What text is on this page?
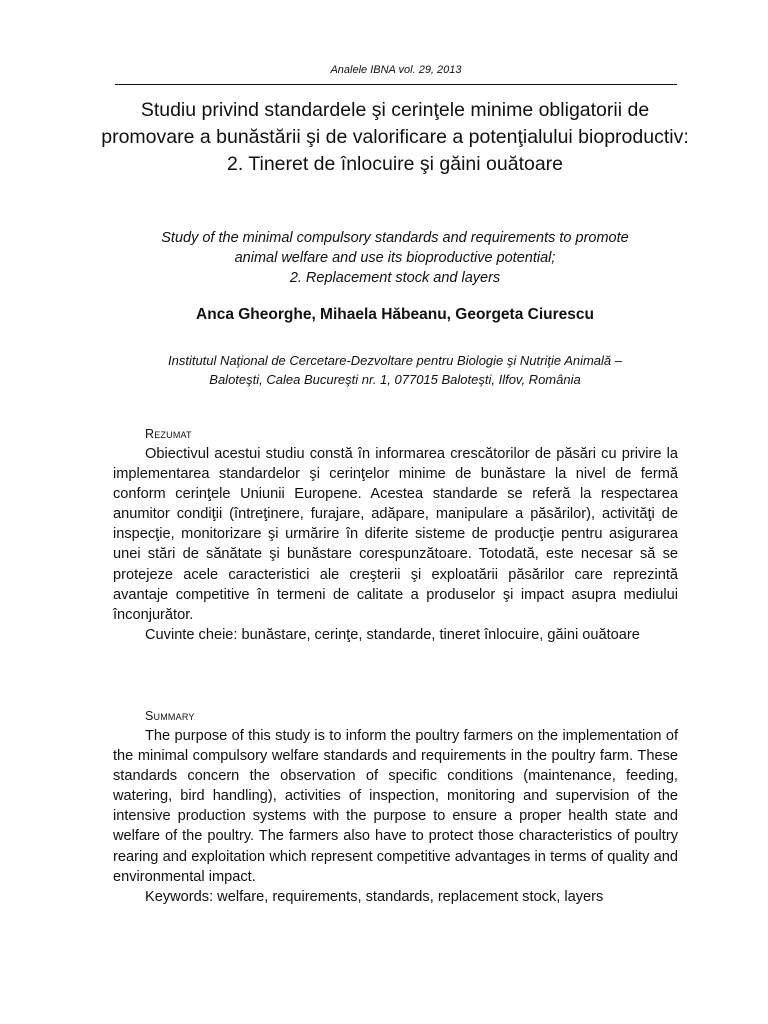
Analele IBNA vol. 29, 2013
Studiu privind standardele şi cerinţele minime obligatorii de promovare a bunăstării şi de valorificare a potenţialului bioproductiv: 2. Tineret de înlocuire şi găini ouătoare
Study of the minimal compulsory standards and requirements to promote
animal welfare and use its bioproductive potential;
2. Replacement stock and layers
Anca Gheorghe, Mihaela Hăbeanu, Georgeta Ciurescu
Institutul Naţional de Cercetare-Dezvoltare pentru Biologie şi Nutriţie Animală –
Baloteşti, Calea Bucureşti nr. 1, 077015 Baloteşti, Ilfov, România
Rezumat
Obiectivul acestui studiu constă în informarea crescătorilor de păsări cu privire la implementarea standardelor şi cerinţelor minime de bunăstare la nivel de fermă conform cerinţele Uniunii Europene. Acestea standarde se referă la respectarea anumitor condiţii (întreţinere, furajare, adăpare, manipulare a păsărilor), activităţi de inspecţie, monitorizare şi urmărire în diferite sisteme de producţie pentru asigurarea unei stări de sănătate şi bunăstare corespunzătoare. Totodată, este necesar să se protejeze acele caracteristici ale creşterii şi exploatării păsărilor care reprezintă avantaje competitive în termeni de calitate a produselor şi impact asupra mediului înconjurător.
Cuvinte cheie: bunăstare, cerinţe, standarde, tineret înlocuire, găini ouătoare
Summary
The purpose of this study is to inform the poultry farmers on the implementation of the minimal compulsory welfare standards and requirements in the poultry farm. These standards concern the observation of specific conditions (maintenance, feeding, watering, bird handling), activities of inspection, monitoring and supervision of the intensive production systems with the purpose to ensure a proper health state and welfare of the poultry. The farmers also have to protect those characteristics of poultry rearing and exploitation which represent competitive advantages in terms of quality and environmental impact.
Keywords: welfare, requirements, standards, replacement stock, layers
